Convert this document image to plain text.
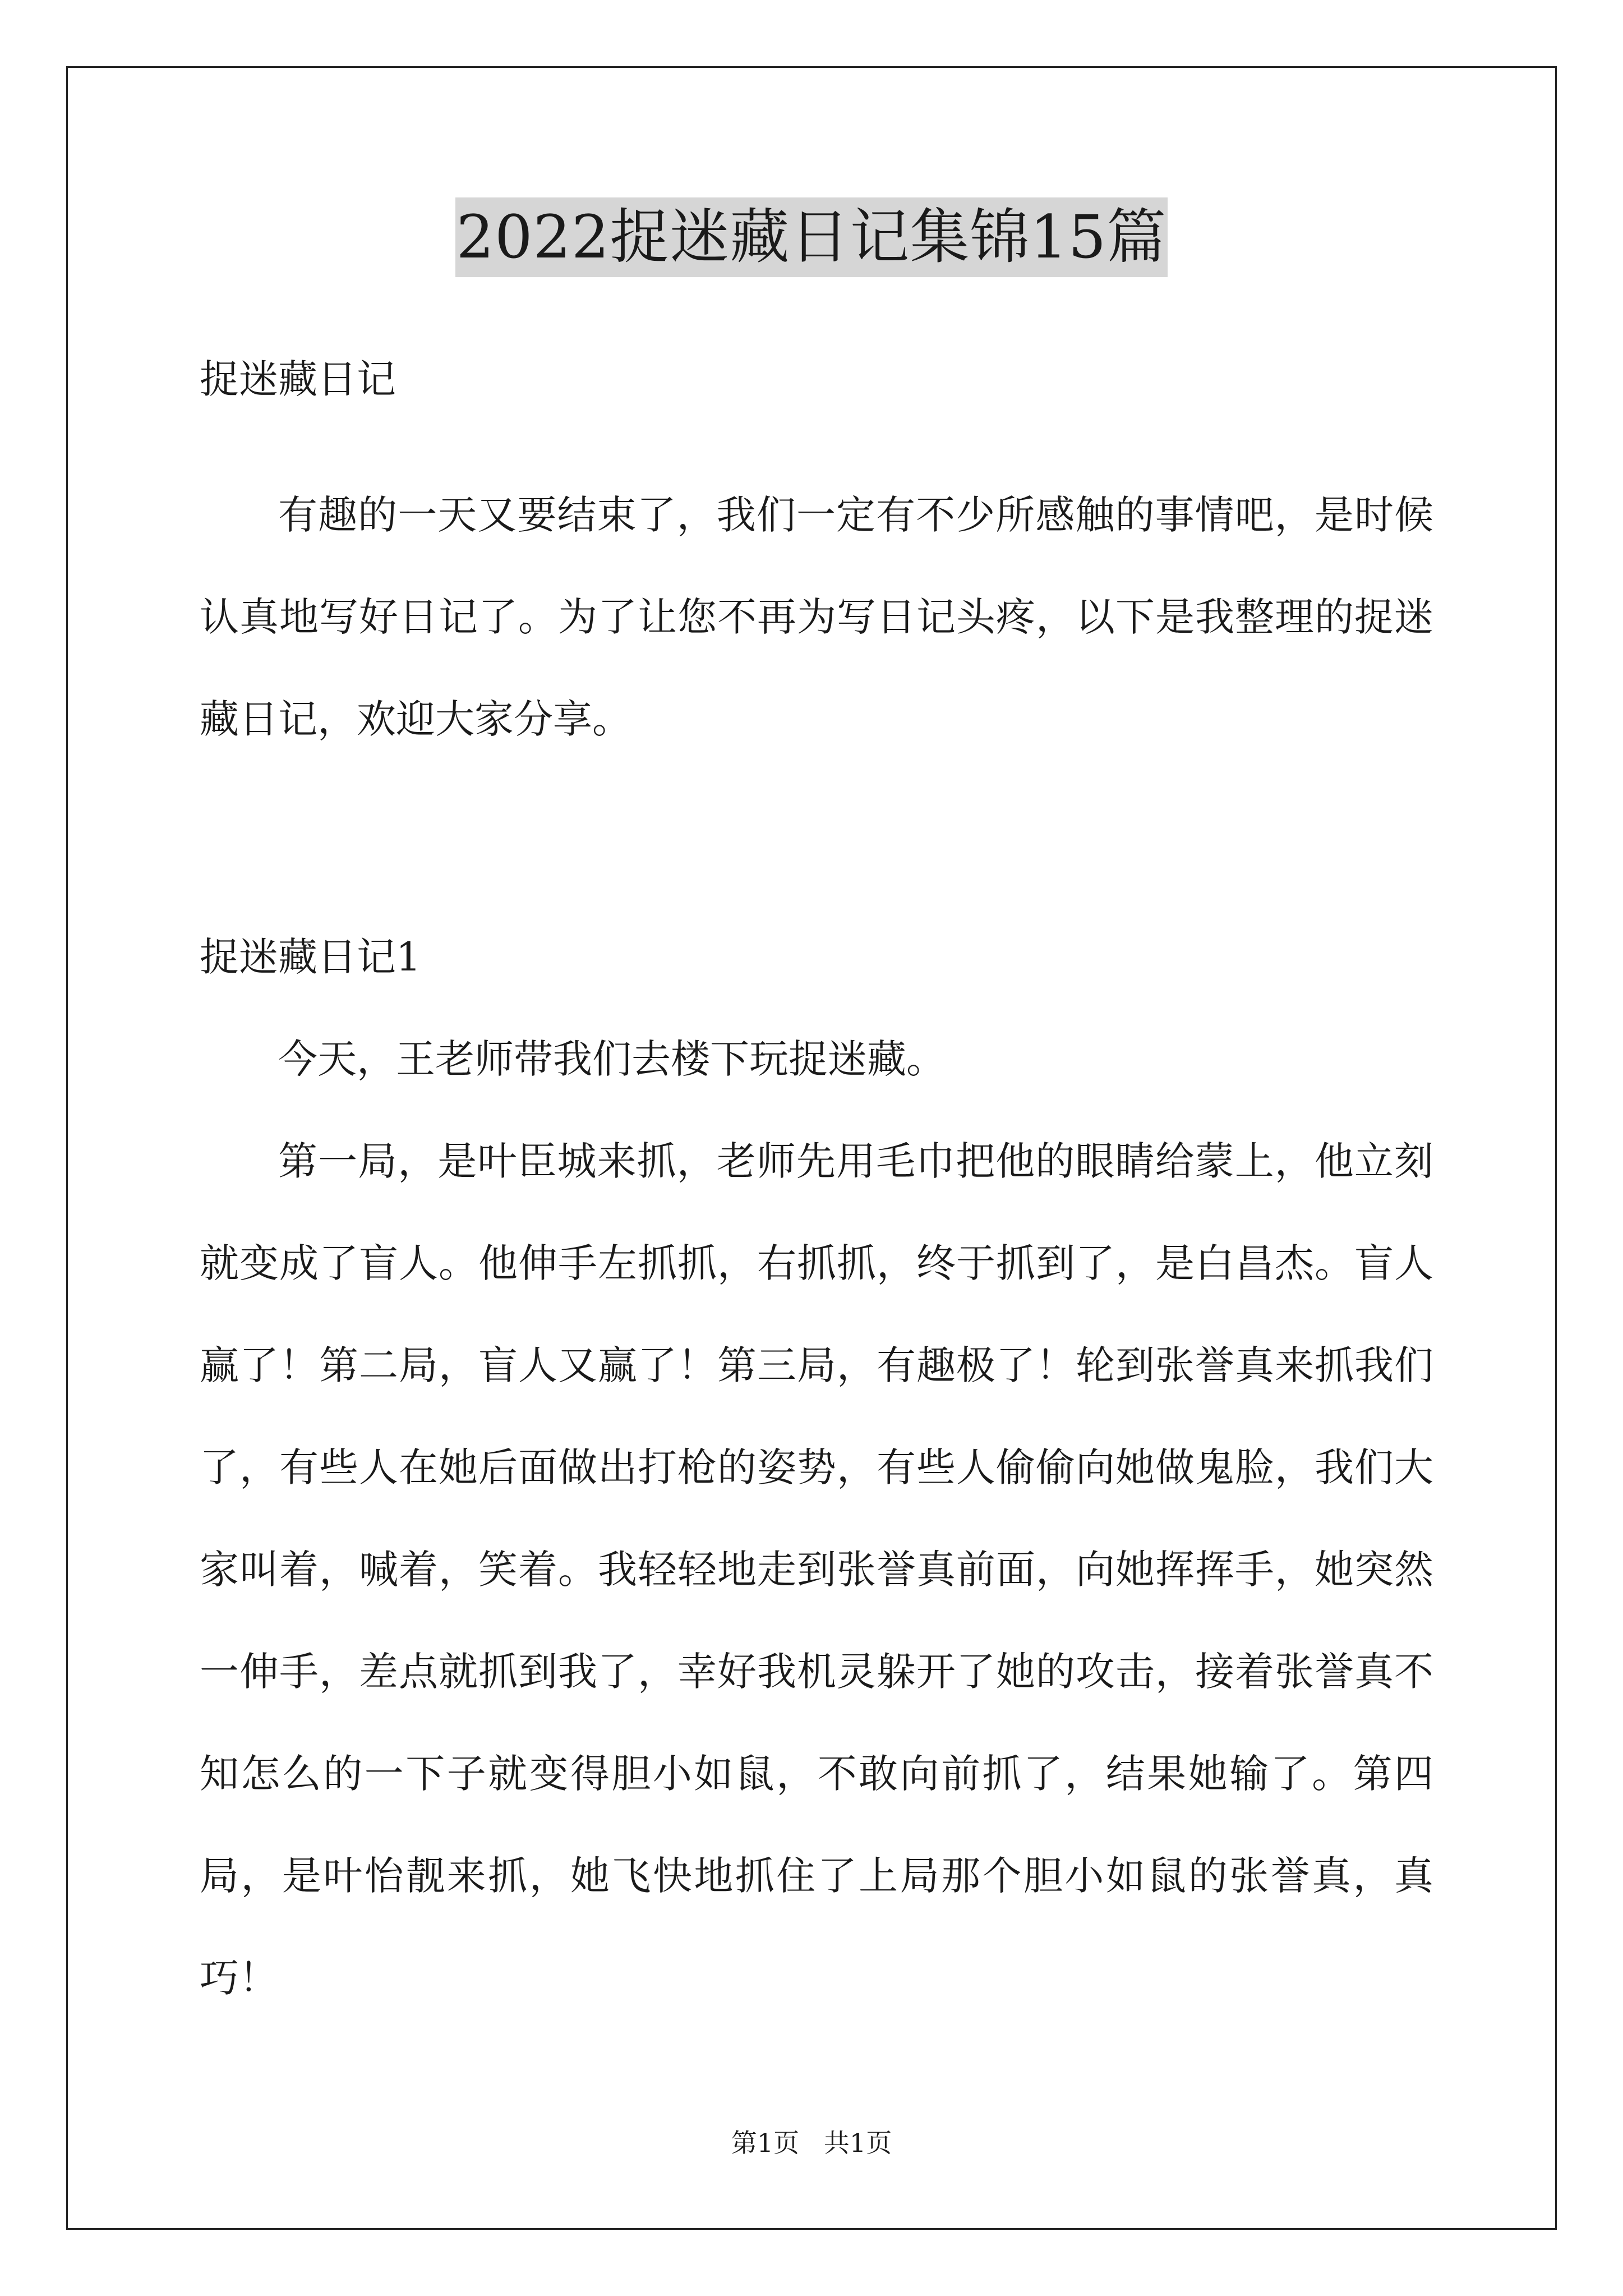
2022捉迷藏日记集锦15篇

捉迷藏日记

有趣的一天又要结束了，我们一定有不少所感触的事情吧，是时候认真地写好日记了。为了让您不再为写日记头疼，以下是我整理的捉迷藏日记，欢迎大家分享。

捉迷藏日记1

今天，王老师带我们去楼下玩捉迷藏。

第一局，是叶臣城来抓，老师先用毛巾把他的眼睛给蒙上，他立刻就变成了盲人。他伸手左抓抓，右抓抓，终于抓到了，是白昌杰。盲人赢了！第二局，盲人又赢了！第三局，有趣极了！轮到张誉真来抓我们了，有些人在她后面做出打枪的姿势，有些人偷偷向她做鬼脸，我们大家叫着，喊着，笑着。我轻轻地走到张誉真前面，向她挥挥手，她突然一伸手，差点就抓到我了，幸好我机灵躲开了她的攻击，接着张誉真不知怎么的一下子就变得胆小如鼠，不敢向前抓了，结果她输了。第四局，是叶怡靓来抓，她飞快地抓住了上局那个胆小如鼠的张誉真，真巧！

第1页   共1页
